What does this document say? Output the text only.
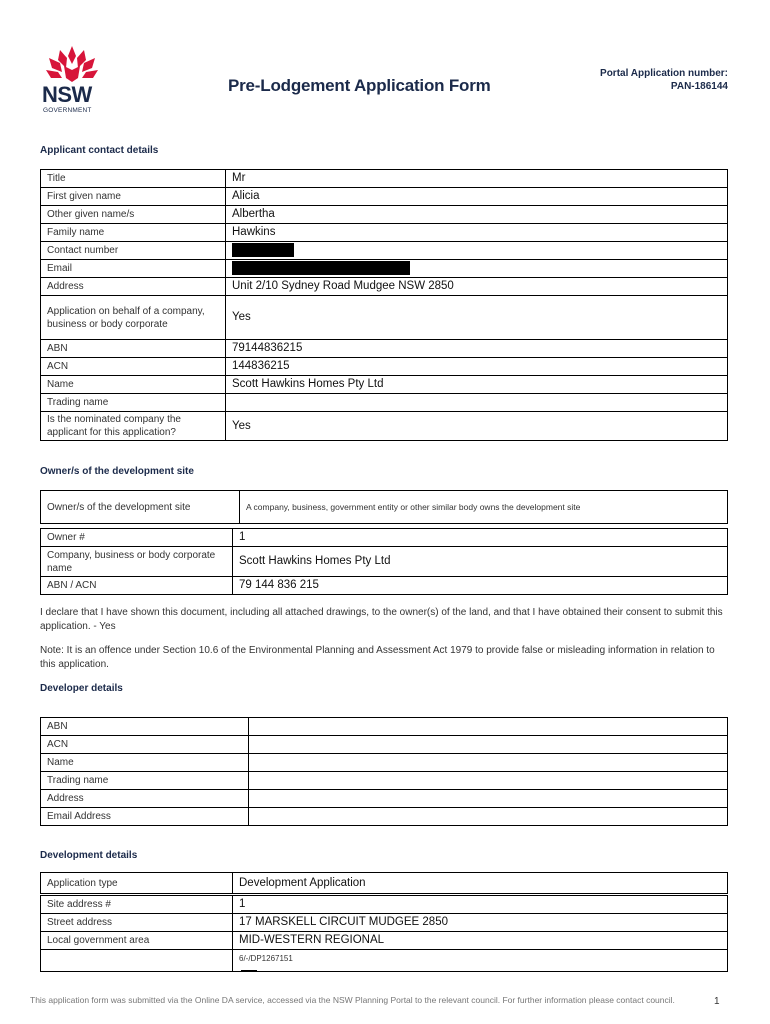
NSW
GOVERNMENT
Pre-Lodgement Application Form
Portal Application number:
PAN-186144
Applicant contact details
Title	Mr
First given name	Alicia
Other given name/s	Albertha
Family name	Hawkins
Contact number	
Email	
Address	Unit 2/10 Sydney Road Mudgee NSW 2850
Application on behalf of a company, business or body corporate	Yes
ABN	79144836215
ACN	144836215
Name	Scott Hawkins Homes Pty Ltd
Trading name	
Is the nominated company the applicant for this application?	Yes
Owner/s of the development site
Owner/s of the development site	A company, business, government entity or other similar body owns the development site
Owner #	1
Company, business or body corporate name	Scott Hawkins Homes Pty Ltd
ABN / ACN	79 144 836 215
I declare that I have shown this document, including all attached drawings, to the owner(s) of the land, and that I have obtained their consent to submit this application. - Yes
Note: It is an offence under Section 10.6 of the Environmental Planning and Assessment Act 1979 to provide false or misleading information in relation to this application.
Developer details
ABN	
ACN	
Name	
Trading name	
Address	
Email Address	
Development details
Application type	Development Application
Site address #	1
Street address	17 MARSKELL CIRCUIT MUDGEE 2850
Local government area	MID-WESTERN REGIONAL
	6/-/DP1267151
This application form was submitted via the Online DA service, accessed via the NSW Planning Portal to the relevant council. For further information please contact council.	1
